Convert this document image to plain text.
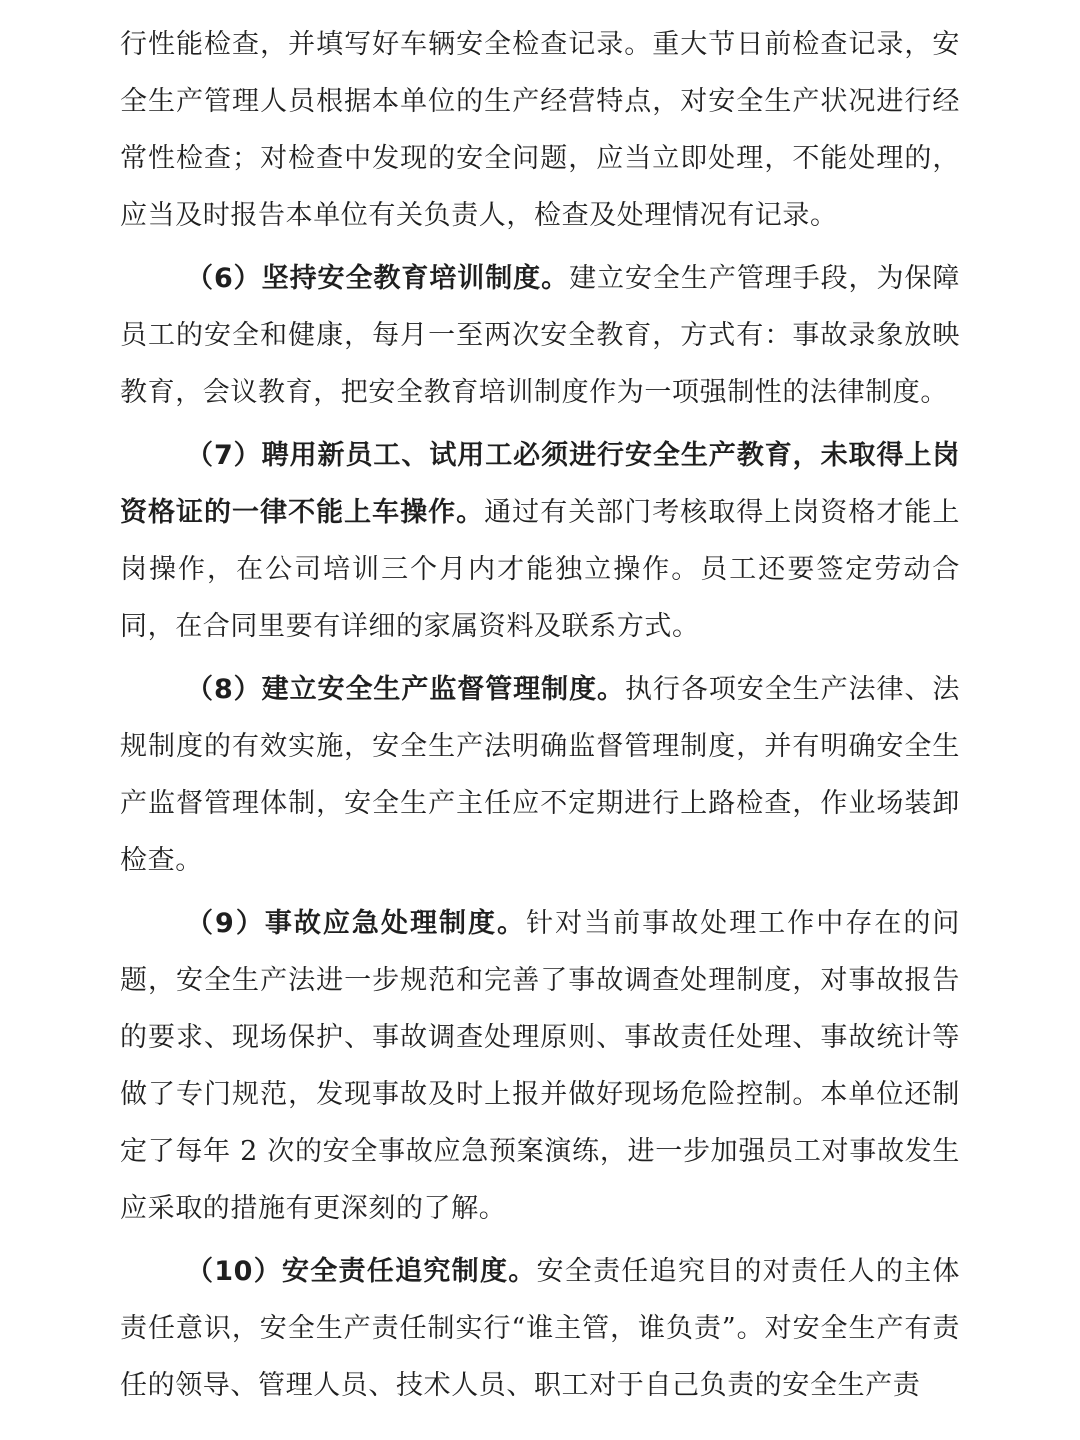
行性能检查，并填写好车辆安全检查记录。重大节日前检查记录，安全生产管理人员根据本单位的生产经营特点，对安全生产状况进行经常性检查；对检查中发现的安全问题，应当立即处理，不能处理的，应当及时报告本单位有关负责人，检查及处理情况有记录。

（6）坚持安全教育培训制度。建立安全生产管理手段，为保障员工的安全和健康，每月一至两次安全教育，方式有：事故录象放映教育，会议教育，把安全教育培训制度作为一项强制性的法律制度。

（7）聘用新员工、试用工必须进行安全生产教育，未取得上岗资格证的一律不能上车操作。通过有关部门考核取得上岗资格才能上岗操作，在公司培训三个月内才能独立操作。员工还要签定劳动合同，在合同里要有详细的家属资料及联系方式。

（8）建立安全生产监督管理制度。执行各项安全生产法律、法规制度的有效实施，安全生产法明确监督管理制度，并有明确安全生产监督管理体制，安全生产主任应不定期进行上路检查，作业场装卸检查。

（9）事故应急处理制度。针对当前事故处理工作中存在的问题，安全生产法进一步规范和完善了事故调查处理制度，对事故报告的要求、现场保护、事故调查处理原则、事故责任处理、事故统计等做了专门规范，发现事故及时上报并做好现场危险控制。本单位还制定了每年 2 次的安全事故应急预案演练，进一步加强员工对事故发生应采取的措施有更深刻的了解。

（10）安全责任追究制度。安全责任追究目的对责任人的主体责任意识，安全生产责任制实行“谁主管，谁负责”。对安全生产有责任的领导、管理人员、技术人员、职工对于自己负责的安全生产责
